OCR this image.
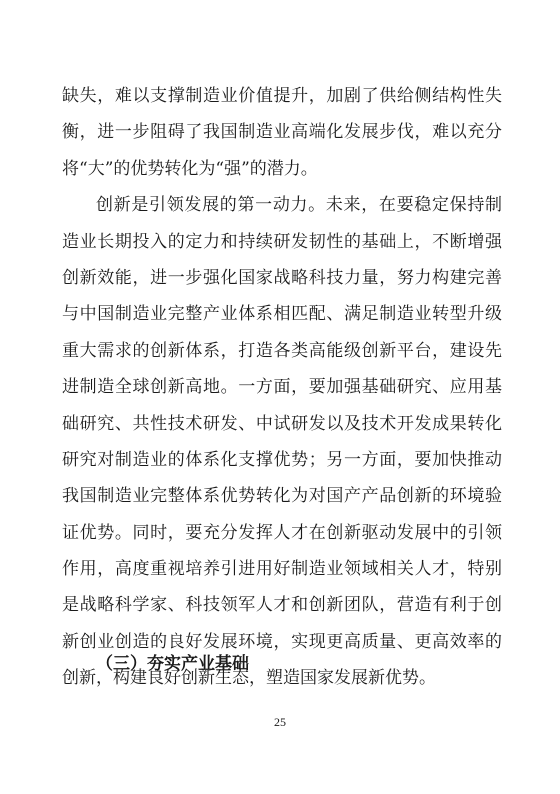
缺失，难以支撑制造业价值提升，加剧了供给侧结构性失
衡，进一步阻碍了我国制造业高端化发展步伐，难以充分
将“大”的优势转化为“强”的潜力。
创新是引领发展的第一动力。未来，在要稳定保持制
造业长期投入的定力和持续研发韧性的基础上，不断增强
创新效能，进一步强化国家战略科技力量，努力构建完善
与中国制造业完整产业体系相匹配、满足制造业转型升级
重大需求的创新体系，打造各类高能级创新平台，建设先
进制造全球创新高地。一方面，要加强基础研究、应用基
础研究、共性技术研发、中试研发以及技术开发成果转化
研究对制造业的体系化支撑优势；另一方面，要加快推动
我国制造业完整体系优势转化为对国产产品创新的环境验
证优势。同时，要充分发挥人才在创新驱动发展中的引领
作用，高度重视培养引进用好制造业领域相关人才，特别
是战略科学家、科技领军人才和创新团队，营造有利于创
新创业创造的良好发展环境，实现更高质量、更高效率的
创新，构建良好创新生态，塑造国家发展新优势。
（三）夯实产业基础
25
